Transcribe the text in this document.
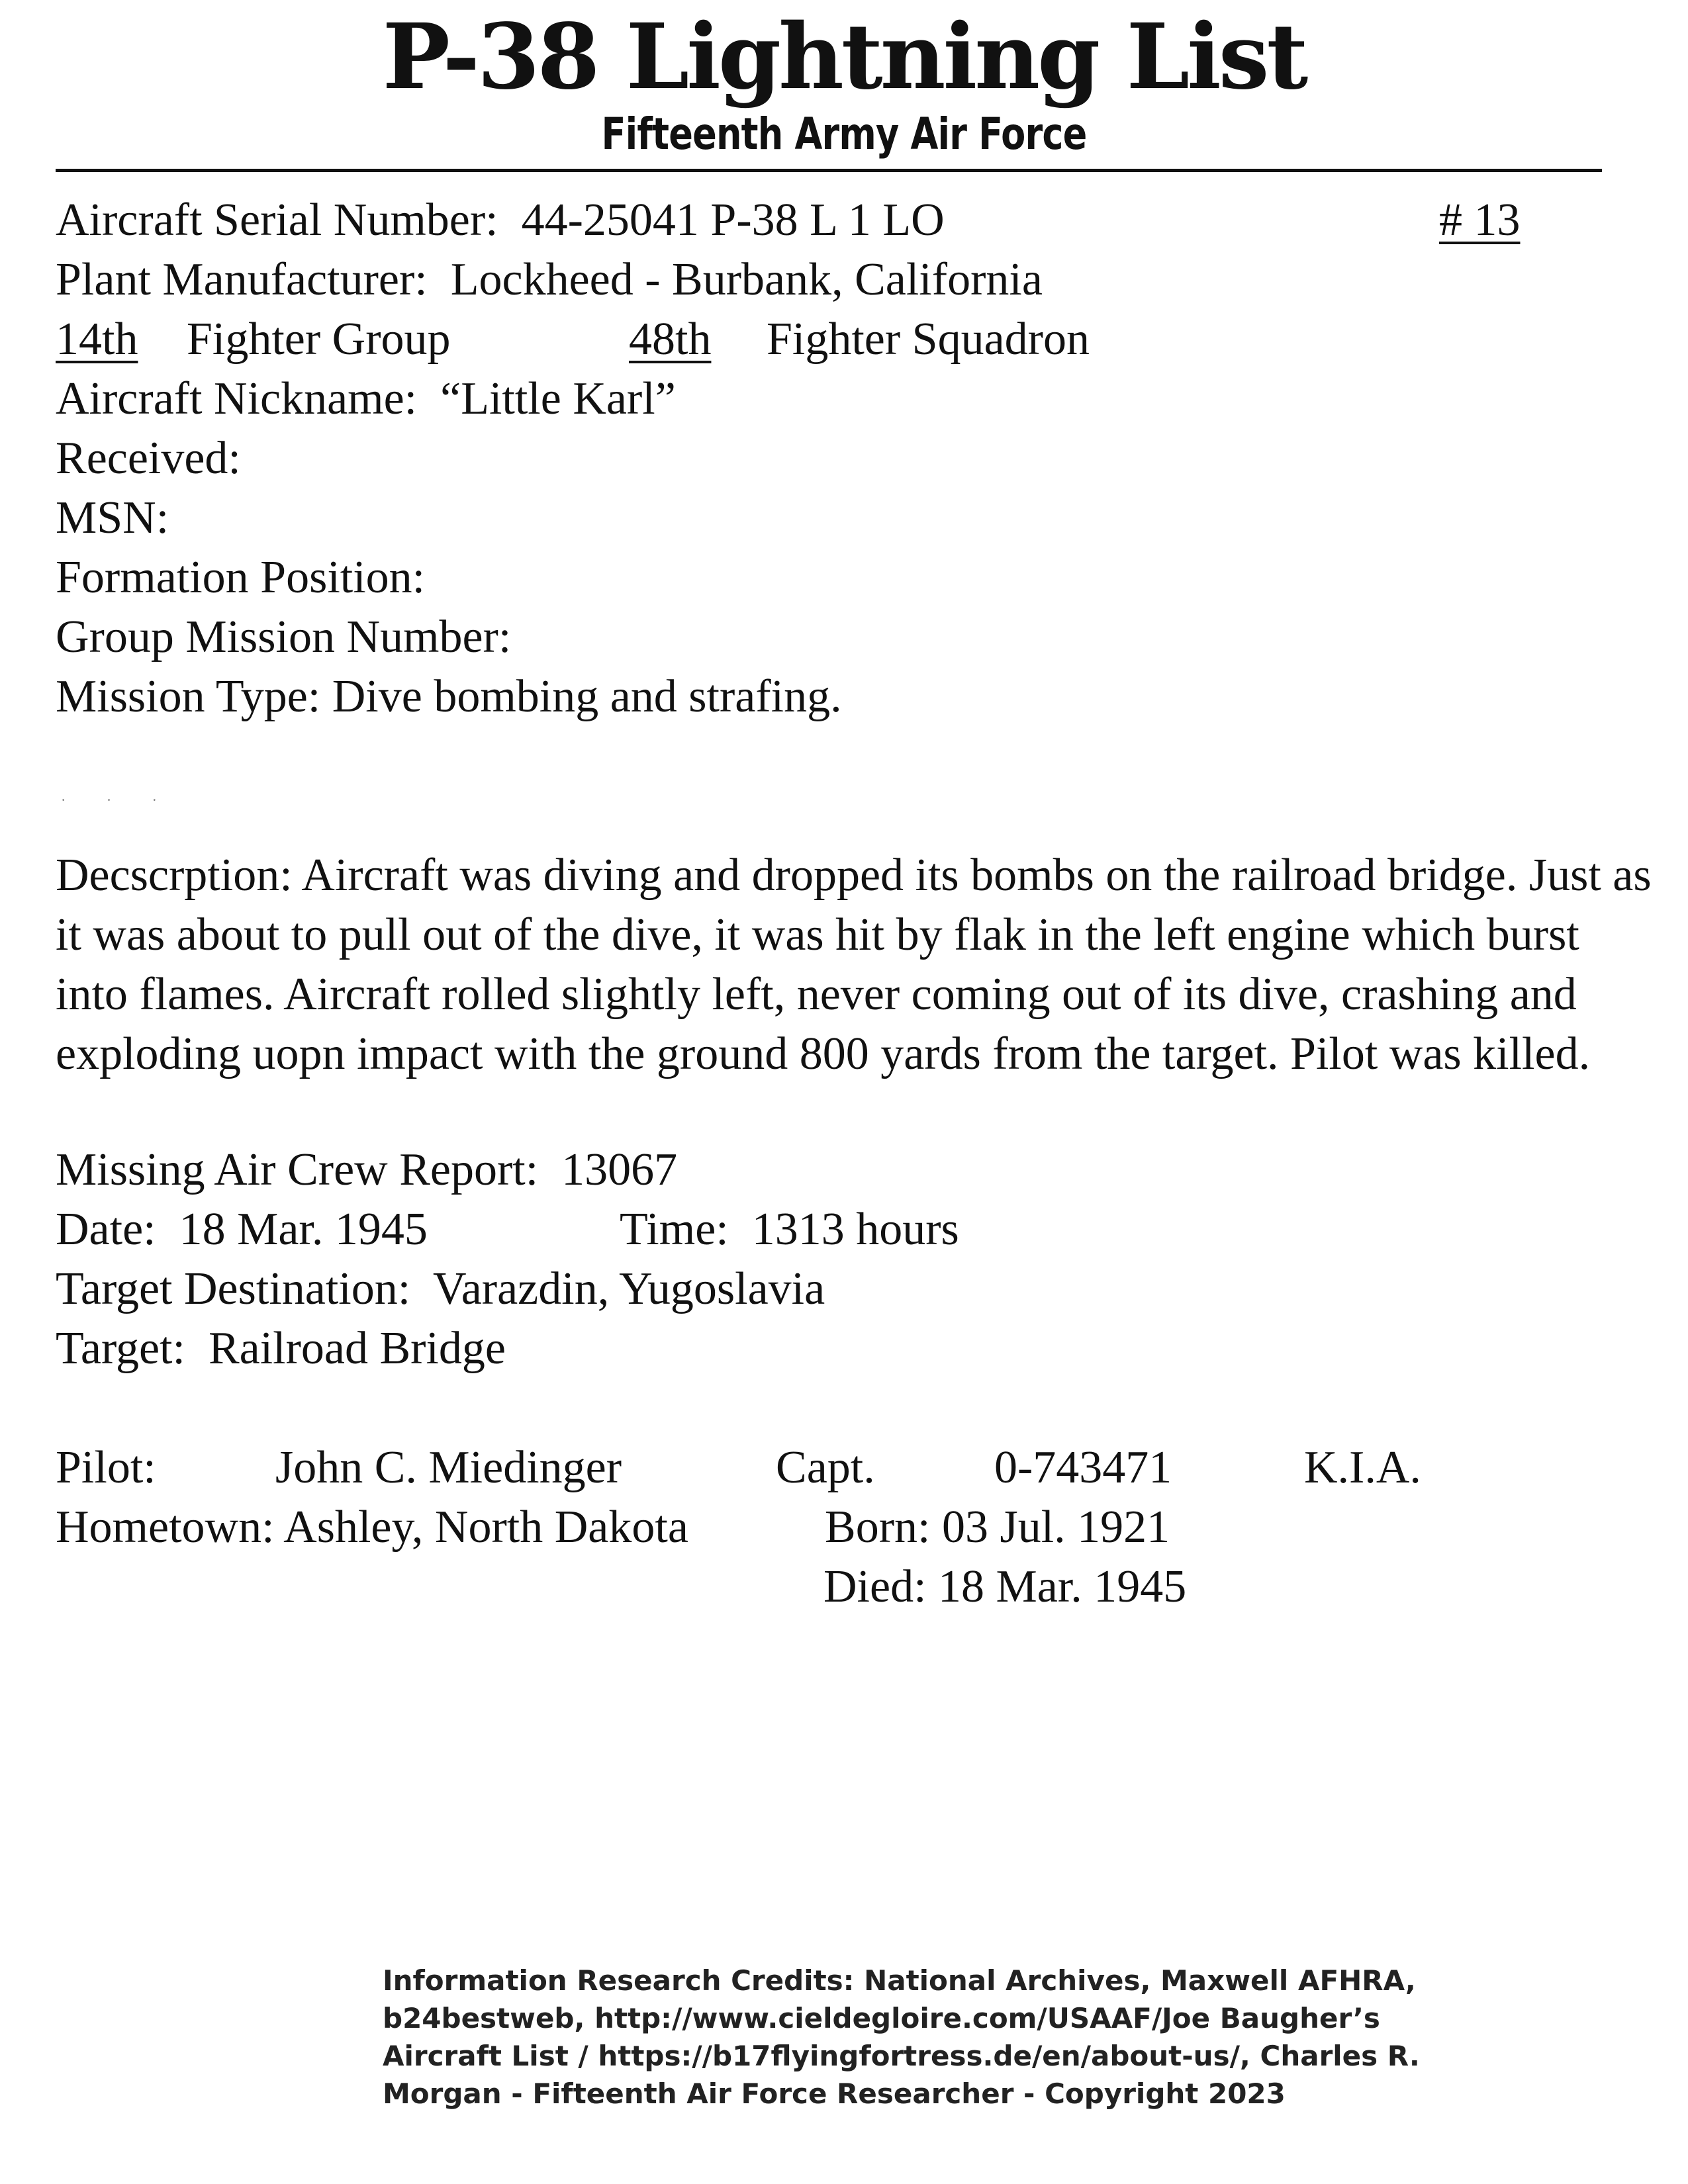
P-38 Lightning List
Fifteenth Army Air Force
Aircraft Serial Number: 44-25041 P-38 L 1 LO	# 13
Plant Manufacturer: Lockheed - Burbank, California
14th Fighter Group	48th Fighter Squadron
Aircraft Nickname: “Little Karl”
Received:
MSN:
Formation Position:
Group Mission Number:
Mission Type: Dive bombing and strafing.
· · ·
Decscrption: Aircraft was diving and dropped its bombs on the railroad bridge. Just as it was about to pull out of the dive, it was hit by flak in the left engine which burst into flames. Aircraft rolled slightly left, never coming out of its dive, crashing and exploding uopn impact with the ground 800 yards from the target. Pilot was killed.
Missing Air Crew Report: 13067
Date: 18 Mar. 1945	Time: 1313 hours
Target Destination: Varazdin, Yugoslavia
Target: Railroad Bridge
Pilot:	John C. Miedinger	Capt.	0-743471	K.I.A.
Hometown: Ashley, North Dakota	Born: 03 Jul. 1921
Died: 18 Mar. 1945
Information Research Credits: National Archives, Maxwell AFHRA,
b24bestweb, http://www.cieldegloire.com/USAAF/Joe Baugher’s
Aircraft List / https://b17flyingfortress.de/en/about-us/, Charles R.
Morgan - Fifteenth Air Force Researcher - Copyright 2023
